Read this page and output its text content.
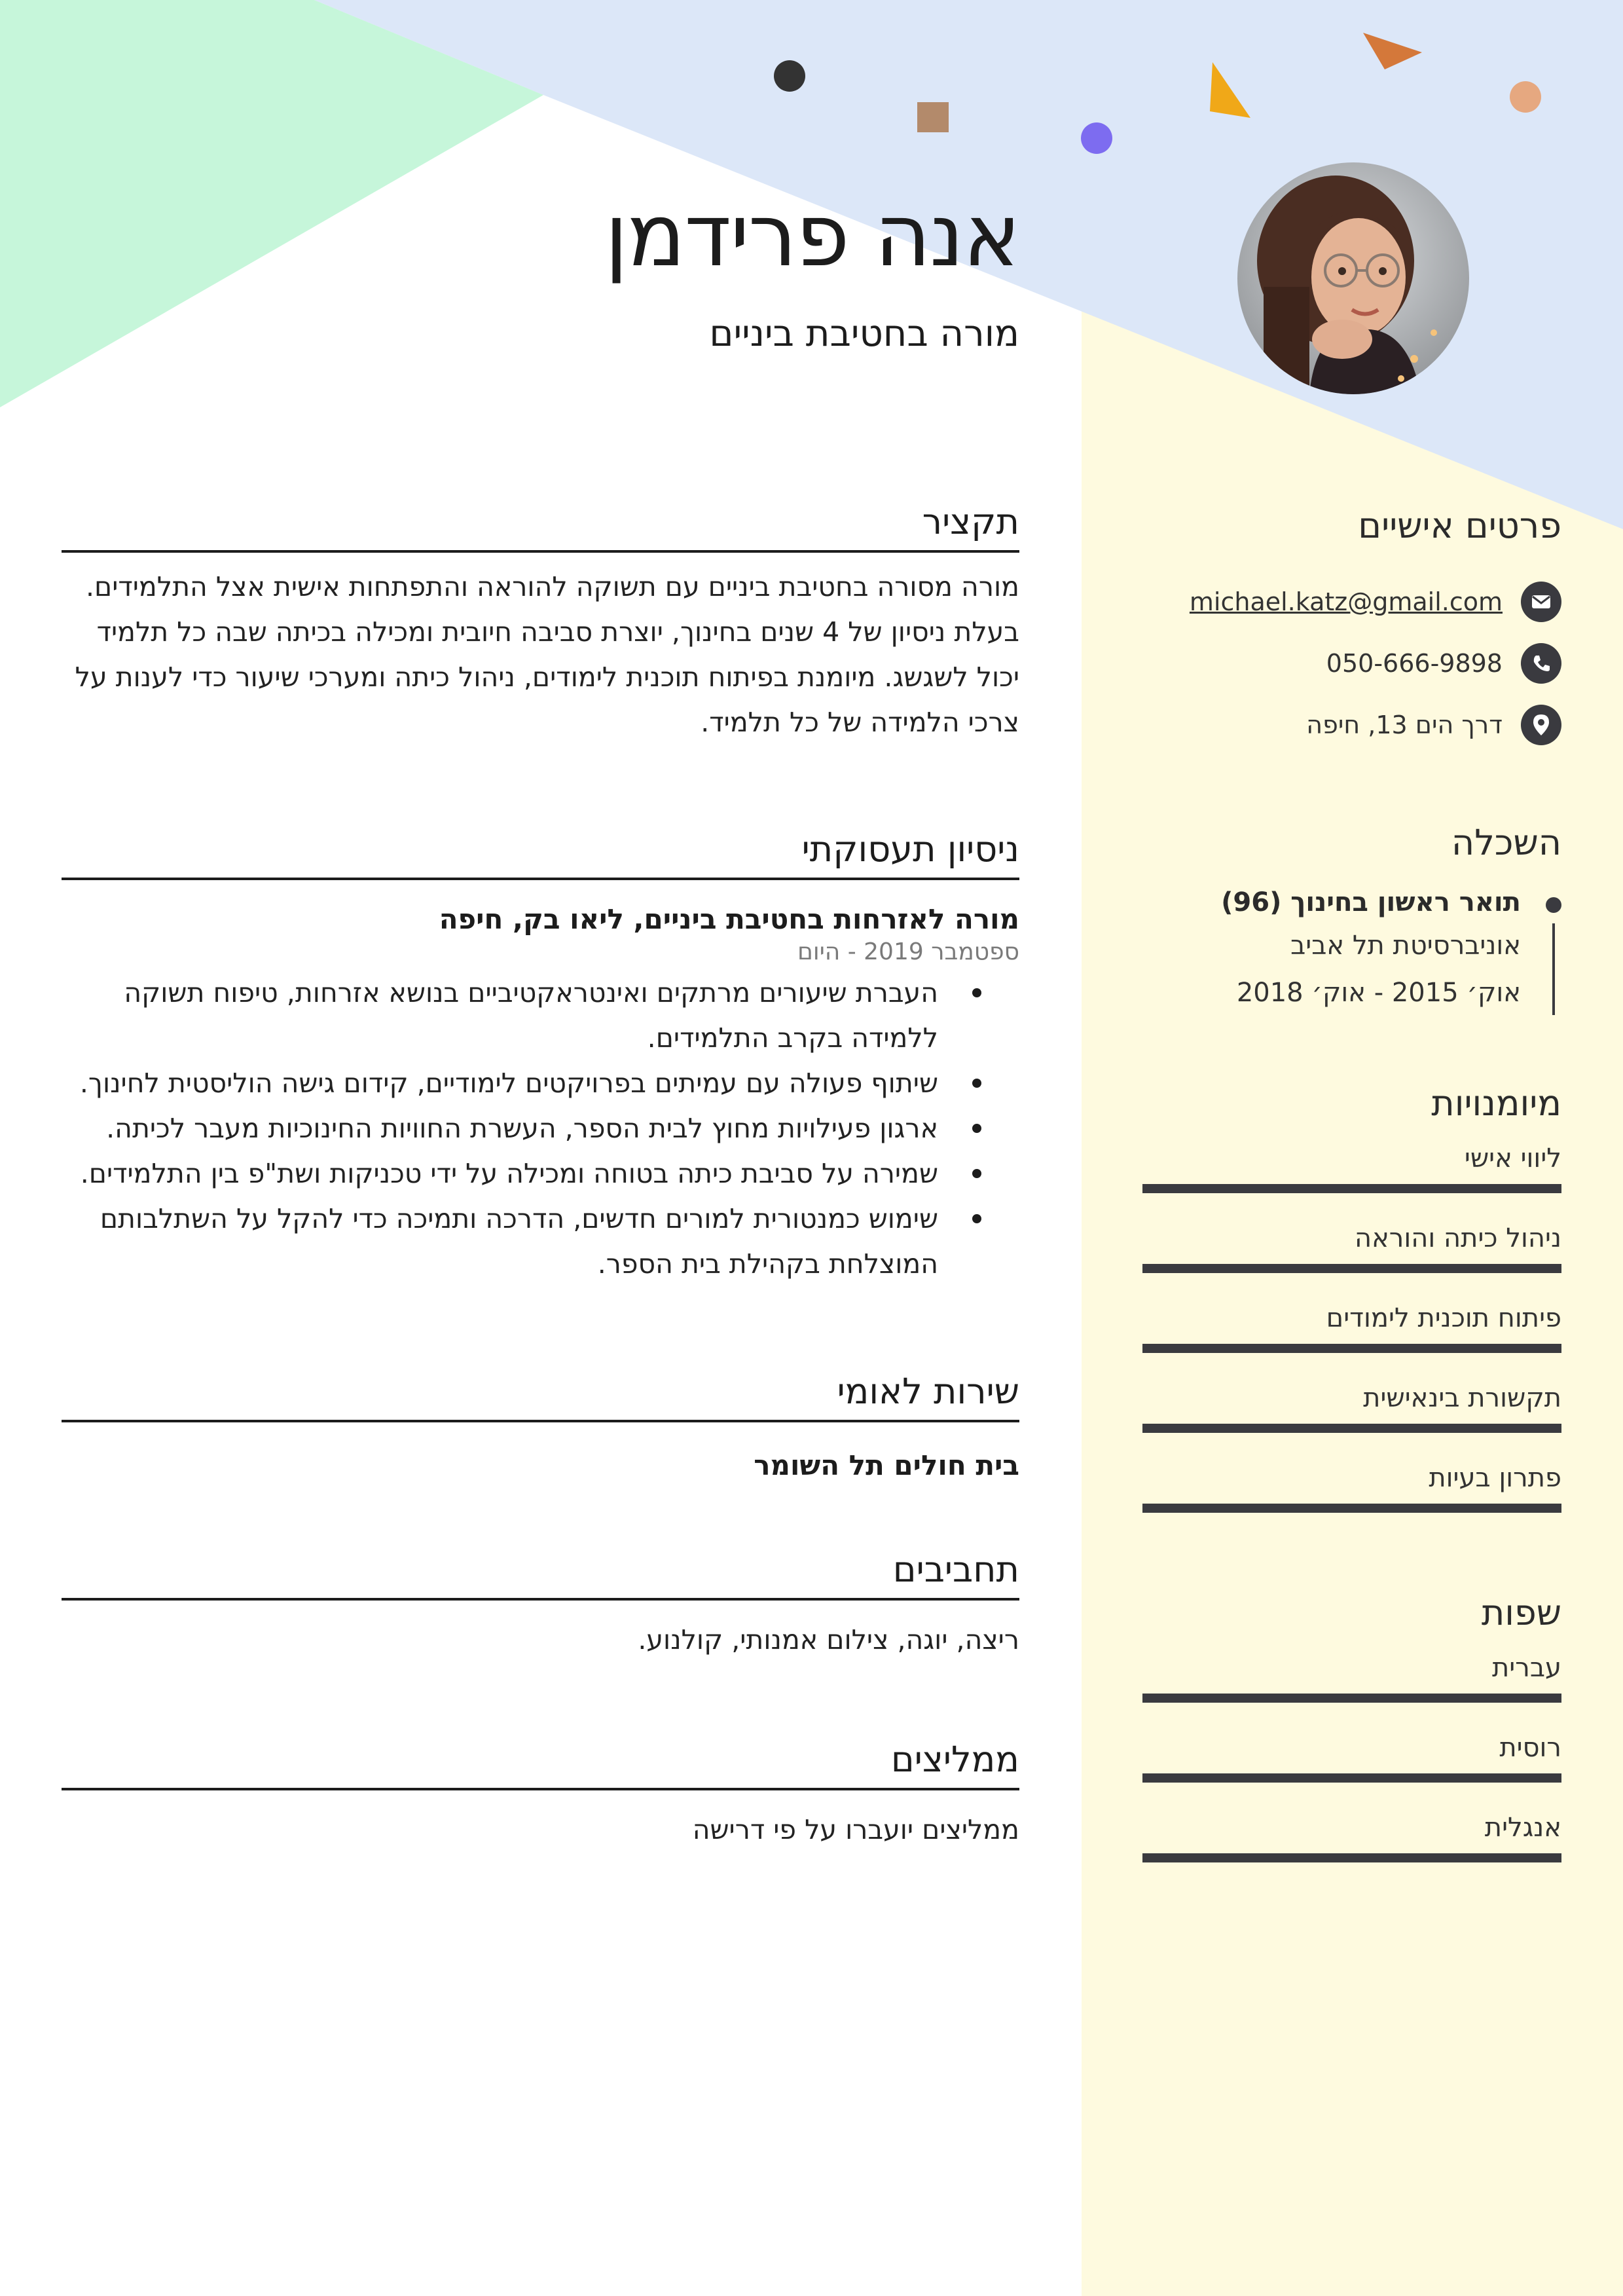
אנה פרידמן
מורה בחטיבת ביניים
תקציר
מורה מסורה בחטיבת ביניים עם תשוקה להוראה והתפתחות אישית אצל התלמידים.
בעלת ניסיון של 4 שנים בחינוך, יוצרת סביבה חיובית ומכילה בכיתה שבה כל תלמיד
יכול לשגשג. מיומנת בפיתוח תוכנית לימודים, ניהול כיתה ומערכי שיעור כדי לענות על
צרכי הלמידה של כל תלמיד.
ניסיון תעסוקתי
מורה לאזרחות בחטיבת ביניים, ליאו בק, חיפה
ספטמבר 2019 - היום
העברת שיעורים מרתקים ואינטראקטיביים בנושא אזרחות, טיפוח תשוקה
ללמידה בקרב התלמידים.
שיתוף פעולה עם עמיתים בפרויקטים לימודיים, קידום גישה הוליסטית לחינוך.
ארגון פעילויות מחוץ לבית הספר, העשרת החוויות החינוכיות מעבר לכיתה.
שמירה על סביבת כיתה בטוחה ומכילה על ידי טכניקות ושת"פ בין התלמידים.
שימוש כמנטורית למורים חדשים, הדרכה ותמיכה כדי להקל על השתלבותם
המוצלחת בקהילת בית הספר.
שירות לאומי
בית חולים תל השומר
תחביבים
ריצה, יוגה, צילום אמנותי, קולנוע.
ממליצים
ממליצים יועברו על פי דרישה
פרטים אישיים
michael.katz@gmail.com
050-666-9898
דרך הים 13, חיפה
השכלה
תואר ראשון בחינוך (96)
אוניברסיטת תל אביב
אוק׳ 2015 - אוק׳ 2018
מיומנויות
ליווי אישי
ניהול כיתה והוראה
פיתוח תוכנית לימודים
תקשורת בינאישית
פתרון בעיות
שפות
עברית
רוסית
אנגלית
